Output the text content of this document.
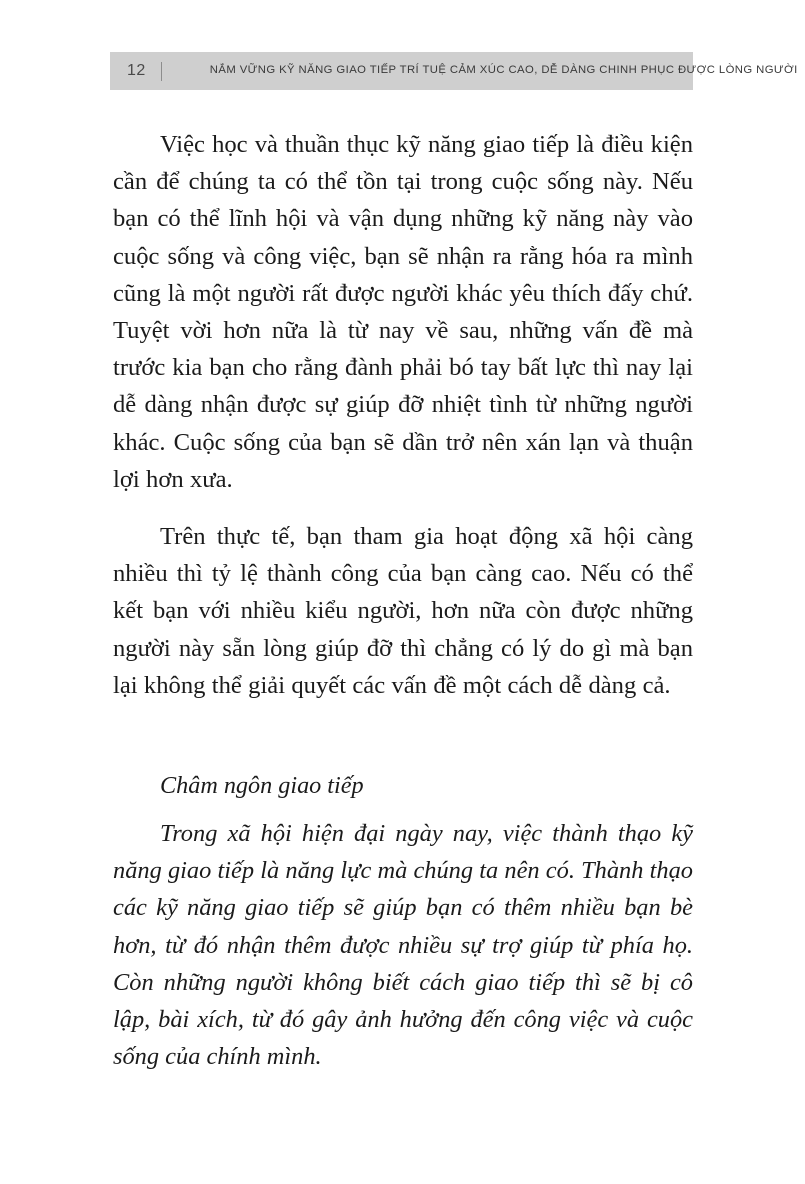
12	NẮM VỮNG KỸ NĂNG GIAO TIẾP TRÍ TUỆ CẢM XÚC CAO, DỄ DÀNG CHINH PHỤC ĐƯỢC LÒNG NGƯỜI

Việc học và thuần thục kỹ năng giao tiếp là điều kiện cần để chúng ta có thể tồn tại trong cuộc sống này. Nếu bạn có thể lĩnh hội và vận dụng những kỹ năng này vào cuộc sống và công việc, bạn sẽ nhận ra rằng hóa ra mình cũng là một người rất được người khác yêu thích đấy chứ. Tuyệt vời hơn nữa là từ nay về sau, những vấn đề mà trước kia bạn cho rằng đành phải bó tay bất lực thì nay lại dễ dàng nhận được sự giúp đỡ nhiệt tình từ những người khác. Cuộc sống của bạn sẽ dần trở nên xán lạn và thuận lợi hơn xưa.

Trên thực tế, bạn tham gia hoạt động xã hội càng nhiều thì tỷ lệ thành công của bạn càng cao. Nếu có thể kết bạn với nhiều kiểu người, hơn nữa còn được những người này sẵn lòng giúp đỡ thì chẳng có lý do gì mà bạn lại không thể giải quyết các vấn đề một cách dễ dàng cả.

Châm ngôn giao tiếp

Trong xã hội hiện đại ngày nay, việc thành thạo kỹ năng giao tiếp là năng lực mà chúng ta nên có. Thành thạo các kỹ năng giao tiếp sẽ giúp bạn có thêm nhiều bạn bè hơn, từ đó nhận thêm được nhiều sự trợ giúp từ phía họ. Còn những người không biết cách giao tiếp thì sẽ bị cô lập, bài xích, từ đó gây ảnh hưởng đến công việc và cuộc sống của chính mình.
